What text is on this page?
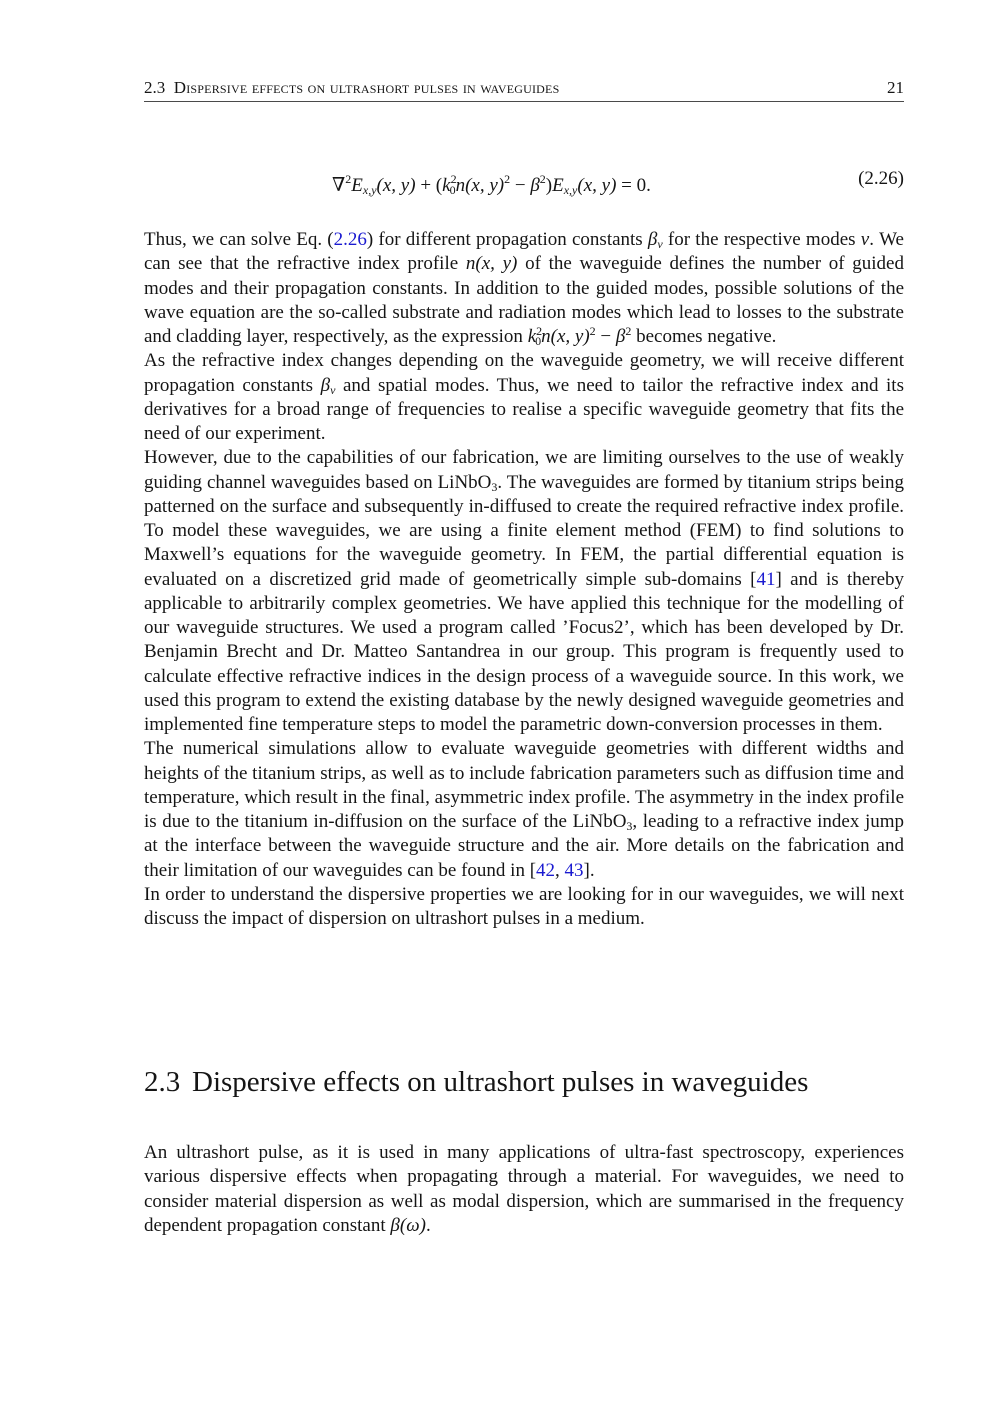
2.3 Dispersive effects on ultrashort pulses in waveguides	21
$\nabla^2E_{x,y}(x$, $y) + (k^2_0n(x$, $y)^2 - \beta^2)E_{x,y}(x$, y) = 0.	(2.26)

Thus, we can solve Eq. (2.26) for different propagation constants $\beta_\nu$ for the respective modes ν. We can see that the refractive index profile n(x, y) of the waveguide defines the number of guided modes and their propagation constants. In addition to the guided modes, possible solutions of the wave equation are the so-called substrate and radiation modes which lead to losses to the substrate and cladding layer, respectively, as the expression $k^2_0n(x$, $y)^2 - \beta^2$ becomes negative.

As the refractive index changes depending on the waveguide geometry, we will receive different propagation constants $\beta_\nu$ and spatial modes. Thus, we need to tailor the refractive index and its derivatives for a broad range of frequencies to realise a specific waveguide geometry that fits the need of our experiment.

However, due to the capabilities of our fabrication, we are limiting ourselves to the use of weakly guiding channel waveguides based on LiNbO$_3$. The waveguides are formed by titanium strips being patterned on the surface and subsequently in-diffused to create the required refractive index profile. To model these waveguides, we are using a finite element method (FEM) to find solutions to Maxwell’s equations for the waveguide geometry. In FEM, the partial differential equation is evaluated on a discretized grid made of geometrically simple sub-domains [41] and is thereby applicable to arbitrarily complex geometries. We have applied this technique for the modelling of our waveguide structures. We used a program called ’Focus2’, which has been developed by Dr. Benjamin Brecht and Dr. Matteo Santandrea in our group. This program is frequently used to calculate effective refractive indices in the design process of a waveguide source. In this work, we used this program to extend the existing database by the newly designed waveguide geometries and implemented fine temperature steps to model the parametric down-conversion processes in them.

The numerical simulations allow to evaluate waveguide geometries with different widths and heights of the titanium strips, as well as to include fabrication parameters such as diffusion time and temperature, which result in the final, asymmetric index profile. The asymmetry in the index profile is due to the titanium in-diffusion on the surface of the LiNbO$_3$, leading to a refractive index jump at the interface between the waveguide structure and the air. More details on the fabrication and their limitation of our waveguides can be found in [42, 43].

In order to understand the dispersive properties we are looking for in our waveguides, we will next discuss the impact of dispersion on ultrashort pulses in a medium.

2.3 Dispersive effects on ultrashort pulses in waveguides

An ultrashort pulse, as it is used in many applications of ultra-fast spectroscopy, experiences various dispersive effects when propagating through a material. For waveguides, we need to consider material dispersion as well as modal dispersion, which are summarised in the frequency dependent propagation constant β(ω).
